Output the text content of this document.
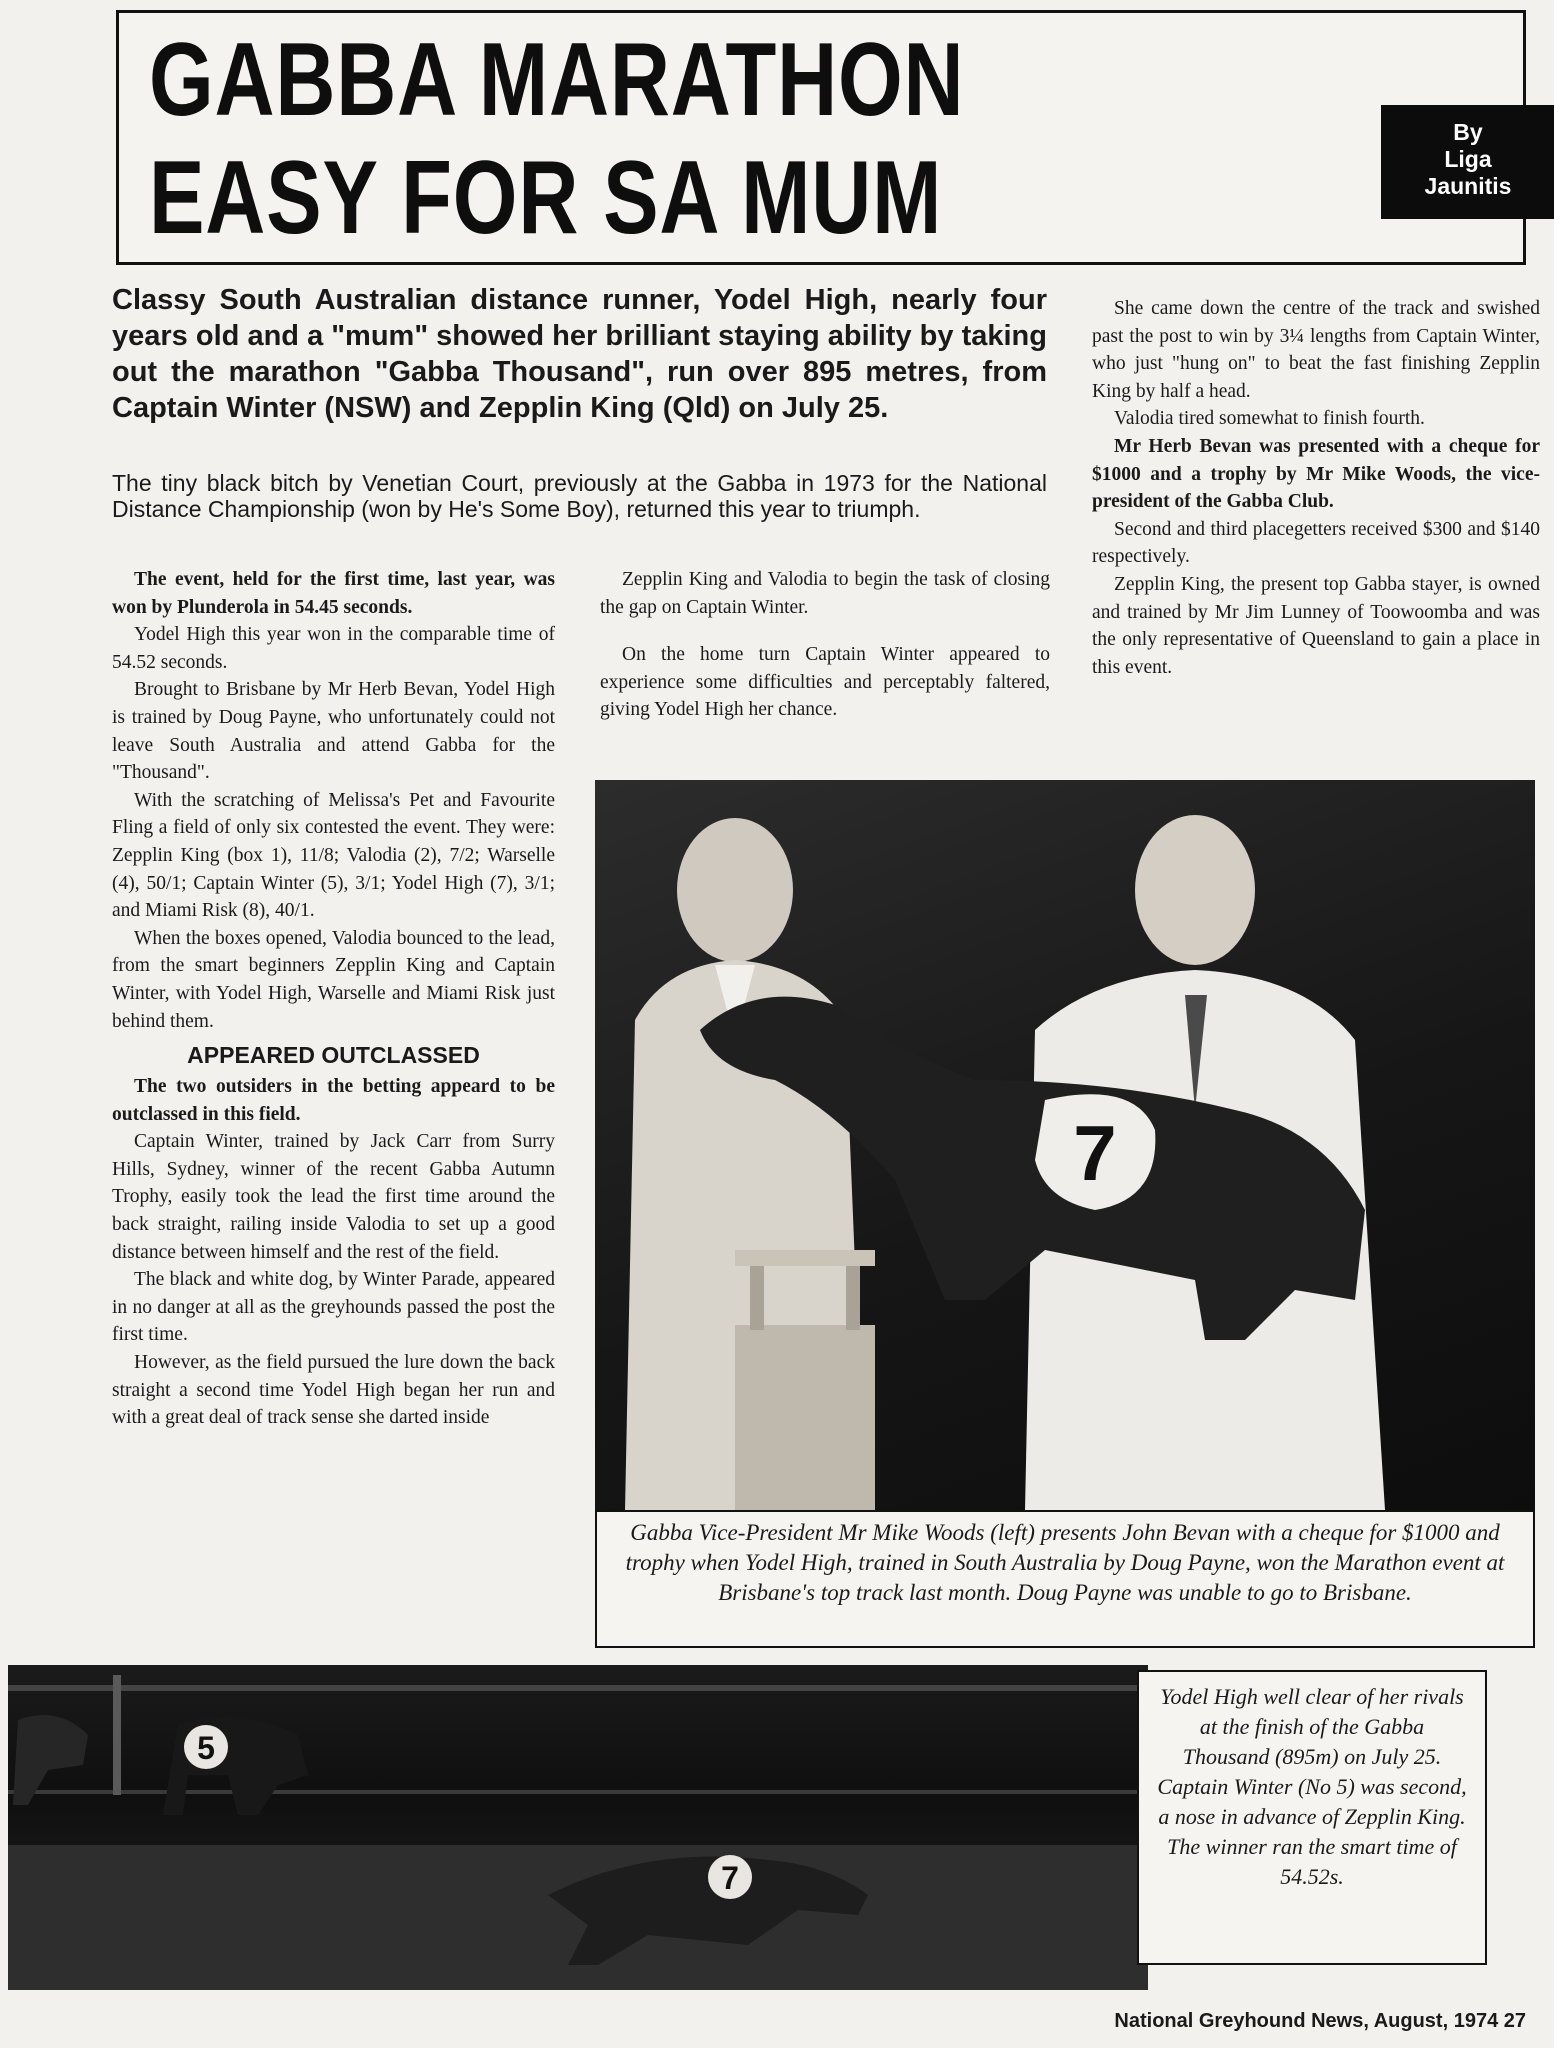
GABBA MARATHON
EASY FOR SA MUM
By
Liga
Jaunitis

Classy South Australian distance runner, Yodel High, nearly four years old and a "mum" showed her brilliant staying ability by taking out the marathon "Gabba Thousand", run over 895 metres, from Captain Winter (NSW) and Zepplin King (Qld) on July 25.

The tiny black bitch by Venetian Court, previously at the Gabba in 1973 for the National Distance Championship (won by He's Some Boy), returned this year to triumph.

The event, held for the first time, last year, was won by Plunderola in 54.45 seconds.

Yodel High this year won in the comparable time of 54.52 seconds.

Brought to Brisbane by Mr Herb Bevan, Yodel High is trained by Doug Payne, who unfortunately could not leave South Australia and attend Gabba for the "Thousand".

With the scratching of Melissa's Pet and Favourite Fling a field of only six contested the event. They were: Zepplin King (box 1), 11/8; Valodia (2), 7/2; Warselle (4), 50/1; Captain Winter (5), 3/1; Yodel High (7), 3/1; and Miami Risk (8), 40/1.

When the boxes opened, Valodia bounced to the lead, from the smart beginners Zepplin King and Captain Winter, with Yodel High, Warselle and Miami Risk just behind them.

APPEARED OUTCLASSED

The two outsiders in the betting appeard to be outclassed in this field.

Captain Winter, trained by Jack Carr from Surry Hills, Sydney, winner of the recent Gabba Autumn Trophy, easily took the lead the first time around the back straight, railing inside Valodia to set up a good distance between himself and the rest of the field.

The black and white dog, by Winter Parade, appeared in no danger at all as the greyhounds passed the post the first time.

However, as the field pursued the lure down the back straight a second time Yodel High began her run and with a great deal of track sense she darted inside

Zepplin King and Valodia to begin the task of closing the gap on Captain Winter.

On the home turn Captain Winter appeared to experience some difficulties and perceptably faltered, giving Yodel High her chance.

She came down the centre of the track and swished past the post to win by 3¼ lengths from Captain Winter, who just "hung on" to beat the fast finishing Zepplin King by half a head.

Valodia tired somewhat to finish fourth.

Mr Herb Bevan was presented with a cheque for $1000 and a trophy by Mr Mike Woods, the vice-president of the Gabba Club.

Second and third placegetters received $300 and $140 respectively.

Zepplin King, the present top Gabba stayer, is owned and trained by Mr Jim Lunney of Toowoomba and was the only representative of Queensland to gain a place in this event.

7

Gabba Vice-President Mr Mike Woods (left) presents John Bevan with a cheque for $1000 and trophy when Yodel High, trained in South Australia by Doug Payne, won the Marathon event at Brisbane's top track last month. Doug Payne was unable to go to Brisbane.

5
7

Yodel High well clear of her rivals at the finish of the Gabba Thousand (895m) on July 25. Captain Winter (No 5) was second, a nose in advance of Zepplin King. The winner ran the smart time of 54.52s.

National Greyhound News, August, 1974 27
